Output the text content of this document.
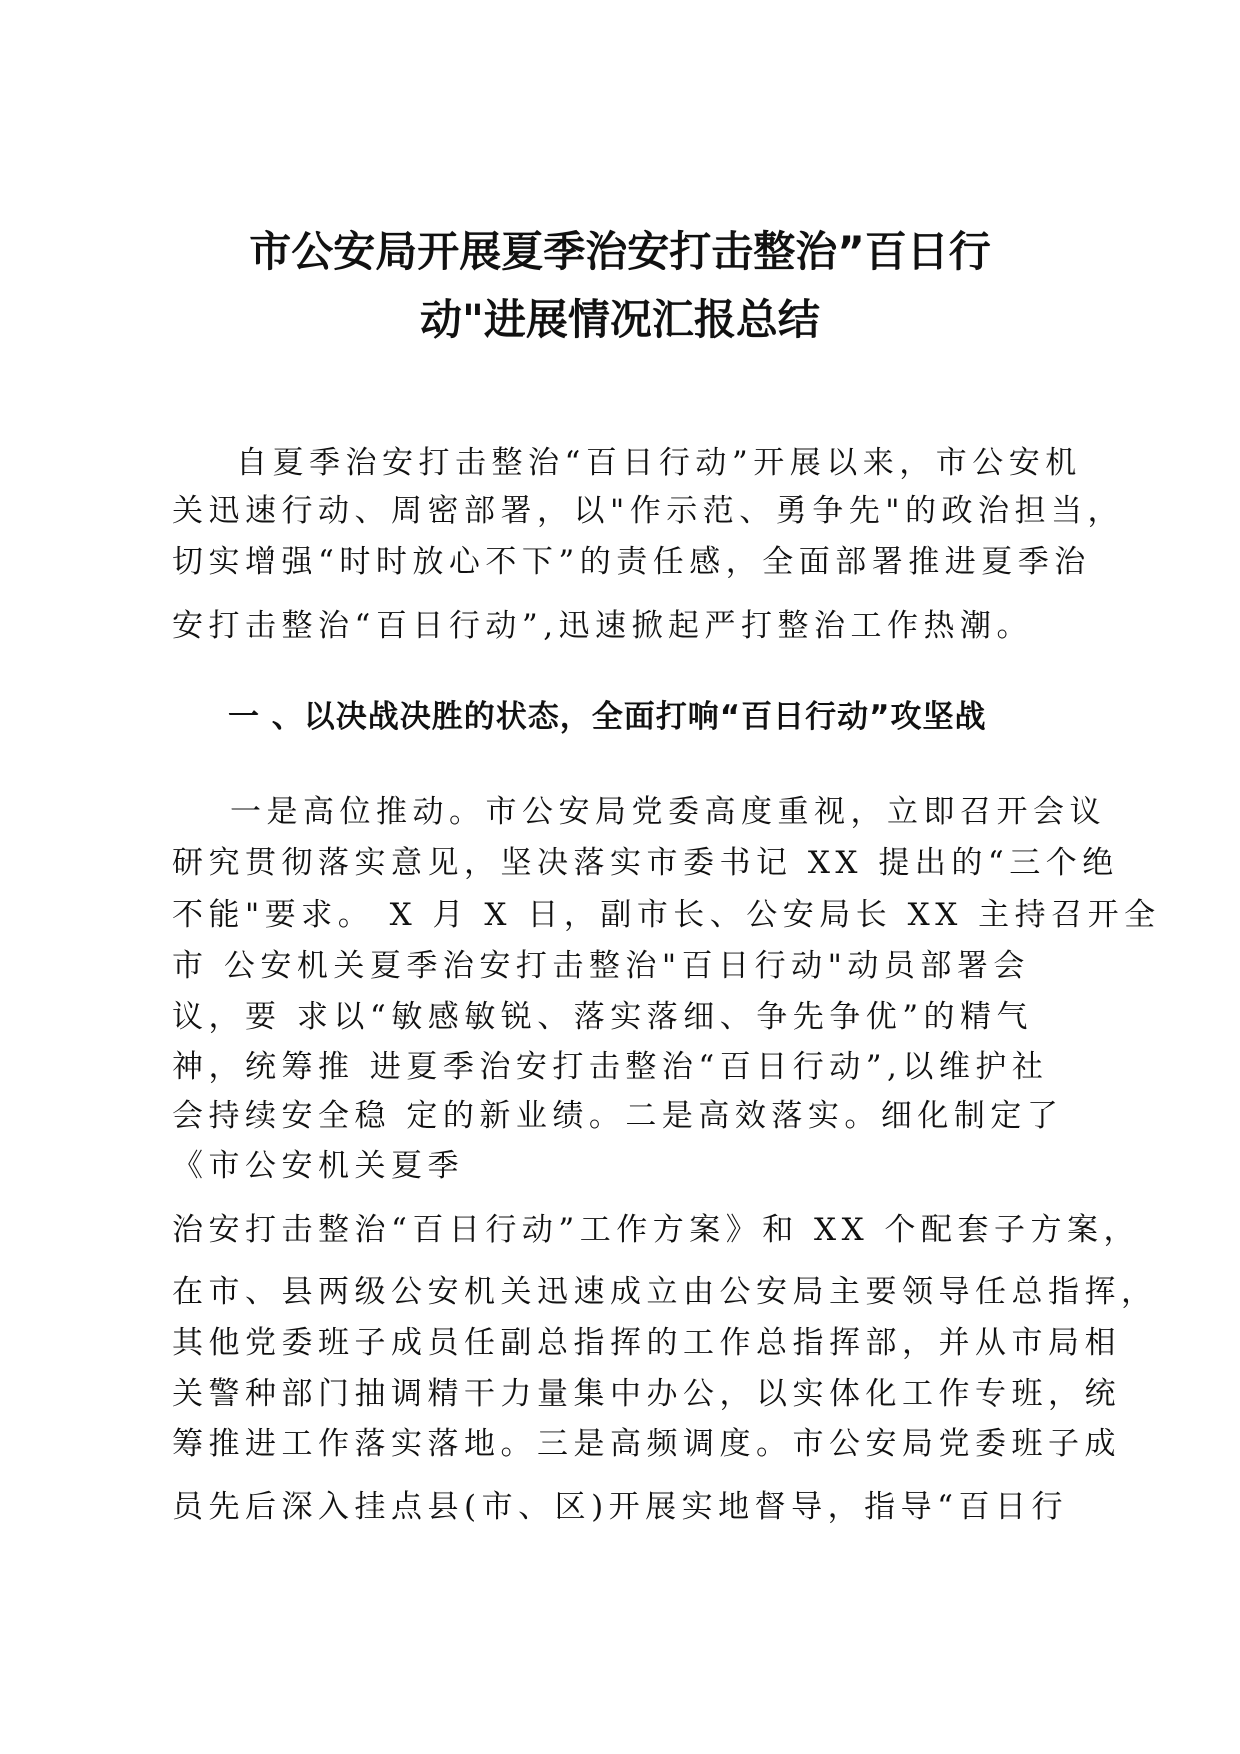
市公安局开展夏季治安打击整治”百日行
动"进展情况汇报总结
自夏季治安打击整治“百日行动”开展以来，市公安机
关迅速行动、周密部署，以"作示范、勇争先"的政治担当，
切实增强“时时放心不下”的责任感，全面部署推进夏季治
安打击整治“百日行动”,迅速掀起严打整治工作热潮。
一 、以决战决胜的状态，全面打响“百日行动”攻坚战
一是高位推动。市公安局党委高度重视，立即召开会议
研究贯彻落实意见，坚决落实市委书记 XX 提出的“三个绝
不能"要求。 X 月 X 日，副市长、公安局长 XX 主持召开全
市 公安机关夏季治安打击整治"百日行动"动员部署会
议，要 求以“敏感敏锐、落实落细、争先争优”的精气
神，统筹推 进夏季治安打击整治“百日行动”,以维护社
会持续安全稳 定的新业绩。二是高效落实。细化制定了
《市公安机关夏季
治安打击整治“百日行动”工作方案》和 XX 个配套子方案，
在市、县两级公安机关迅速成立由公安局主要领导任总指挥，
其他党委班子成员任副总指挥的工作总指挥部，并从市局相
关警种部门抽调精干力量集中办公，以实体化工作专班，统
筹推进工作落实落地。三是高频调度。市公安局党委班子成
员先后深入挂点县(市、区)开展实地督导，指导“百日行
